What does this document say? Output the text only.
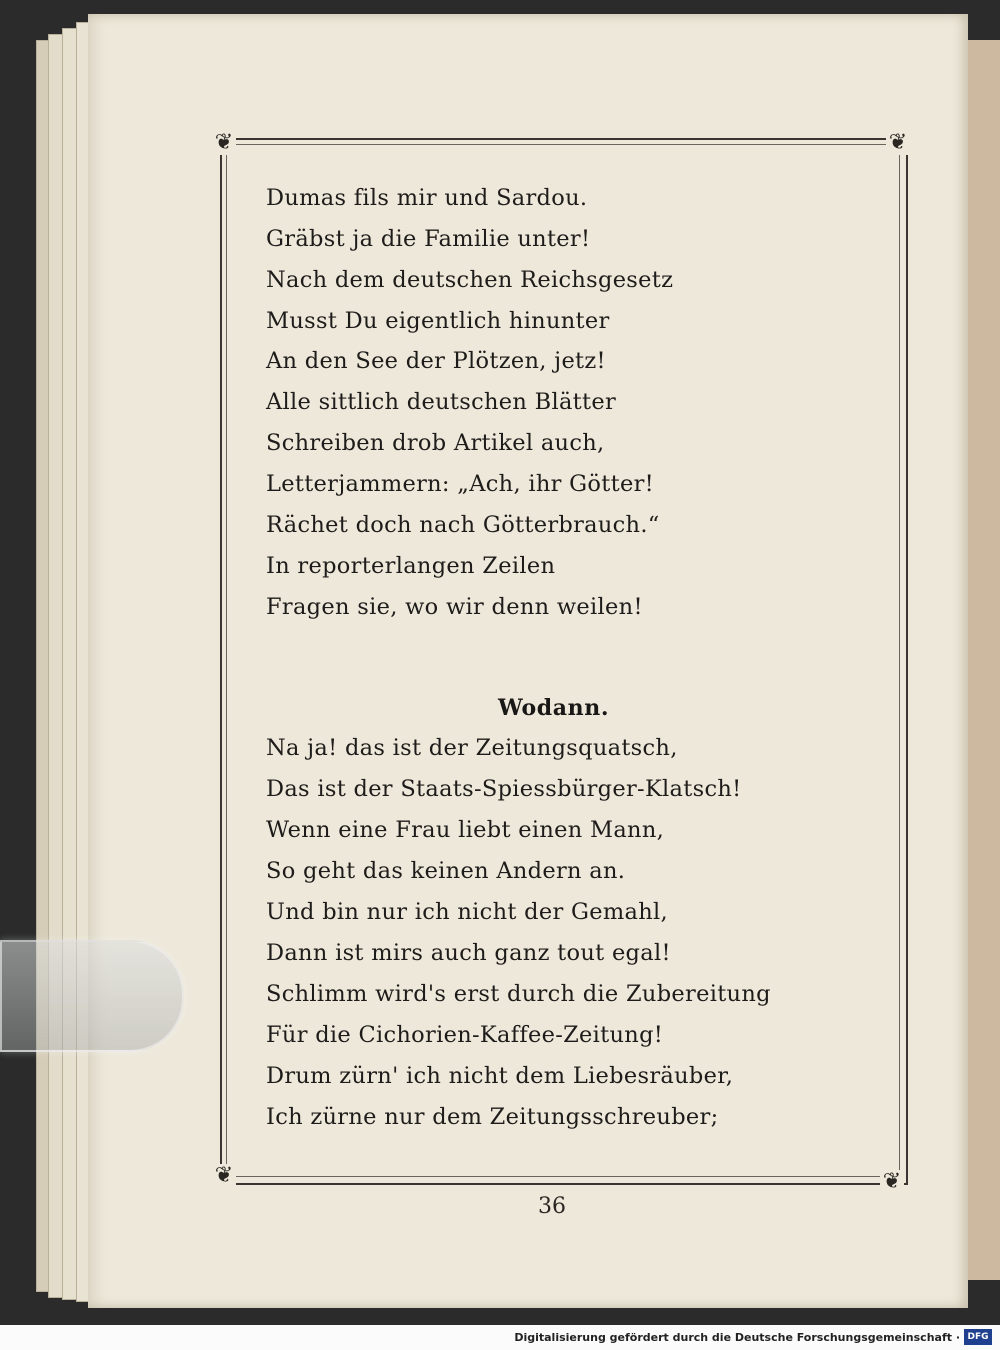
❦	❦
❦	❦
Dumas fils mir und Sardou.
Gräbst ja die Familie unter!
Nach dem deutschen Reichsgesetz
Musst Du eigentlich hinunter
An den See der Plötzen, jetz!
Alle sittlich deutschen Blätter
Schreiben drob Artikel auch,
Letterjammern: „Ach, ihr Götter!
Rächet doch nach Götterbrauch.“
In reporterlangen Zeilen
Fragen sie, wo wir denn weilen!
Na ja! das ist der Zeitungsquatsch,
Das ist der Staats-Spiessbürger-Klatsch!
Wenn eine Frau liebt einen Mann,
So geht das keinen Andern an.
Und bin nur ich nicht der Gemahl,
Dann ist mirs auch ganz tout egal!
Schlimm wird's erst durch die Zubereitung
Für die Cichorien-Kaffee-Zeitung!
Drum zürn' ich nicht dem Liebesräuber,
Ich zürne nur dem Zeitungsschreuber;
Wodann.
36
Digitalisierung gefördert durch die Deutsche Forschungsgemeinschaft · DFG
